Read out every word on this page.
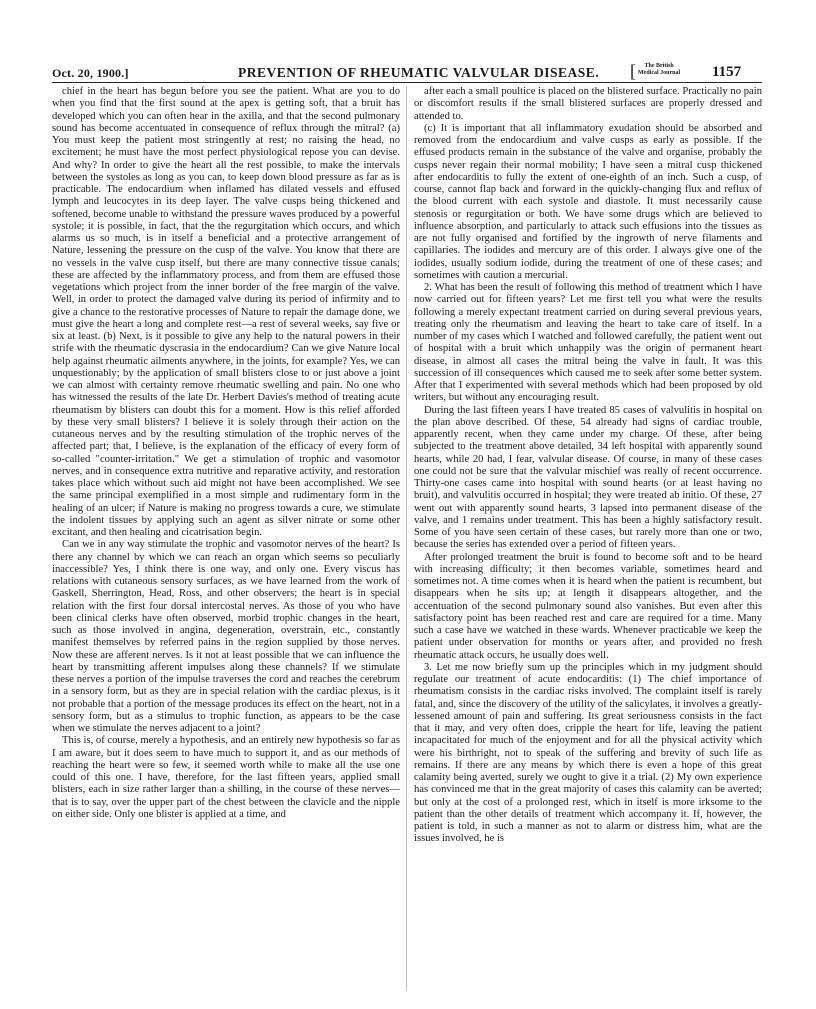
Oct. 20, 1900.]	PREVENTION OF RHEUMATIC VALVULAR DISEASE. [	The British
Medical Journal 1157

chief in the heart has begun before you see the patient. What are you to do when you find that the first sound at the apex is getting soft, that a bruit has developed which you can often hear in the axilla, and that the second pulmonary sound has become accentuated in consequence of reflux through the mitral? (a) You must keep the patient most stringently at rest; no raising the head, no excitement; he must have the most perfect physiological repose you can devise. And why? In order to give the heart all the rest possible, to make the intervals between the systoles as long as you can, to keep down blood pressure as far as is practicable. The endocardium when inflamed has dilated vessels and effused lymph and leucocytes in its deep layer. The valve cusps being thickened and softened, become unable to withstand the pressure waves produced by a powerful systole; it is possible, in fact, that the the regurgitation which occurs, and which alarms us so much, is in itself a beneficial and a protective arrangement of Nature, lessening the pressure on the cusp of the valve. You know that there are no vessels in the valve cusp itself, but there are many connective tissue canals; these are affected by the inflammatory process, and from them are effused those vegetations which project from the inner border of the free margin of the valve. Well, in order to protect the damaged valve during its period of infirmity and to give a chance to the restorative processes of Nature to repair the damage done, we must give the heart a long and complete rest—a rest of several weeks, say five or six at least. (b) Next, is it possible to give any help to the natural powers in their strife with the rheumatic dyscrasia in the endocardium? Can we give Nature local help against rheumatic ailments anywhere, in the joints, for example? Yes, we can unquestionably; by the application of small blisters close to or just above a joint we can almost with certainty remove rheumatic swelling and pain. No one who has witnessed the results of the late Dr. Herbert Davies's method of treating acute rheumatism by blisters can doubt this for a moment. How is this relief afforded by these very small blisters? I believe it is solely through their action on the cutaneous nerves and by the resulting stimulation of the trophic nerves of the affected part; that, I believe, is the explanation of the efficacy of every form of so-called "counter-irritation." We get a stimulation of trophic and vasomotor nerves, and in consequence extra nutritive and reparative activity, and restoration takes place which without such aid might not have been accomplished. We see the same principal exemplified in a most simple and rudimentary form in the healing of an ulcer; if Nature is making no progress towards a cure, we stimulate the indolent tissues by applying such an agent as silver nitrate or some other excitant, and then healing and cicatrisation begin.

Can we in any way stimulate the trophic and vasomotor nerves of the heart? Is there any channel by which we can reach an organ which seems so peculiarly inaccessible? Yes, I think there is one way, and only one. Every viscus has relations with cutaneous sensory surfaces, as we have learned from the work of Gaskell, Sherrington, Head, Ross, and other observers; the heart is in special relation with the first four dorsal intercostal nerves. As those of you who have been clinical clerks have often observed, morbid trophic changes in the heart, such as those involved in angina, degeneration, overstrain, etc., constantly manifest themselves by referred pains in the region supplied by those nerves. Now these are afferent nerves. Is it not at least possible that we can influence the heart by transmitting afferent impulses along these channels? If we stimulate these nerves a portion of the impulse traverses the cord and reaches the cerebrum in a sensory form, but as they are in special relation with the cardiac plexus, is it not probable that a portion of the message produces its effect on the heart, not in a sensory form, but as a stimulus to trophic function, as appears to be the case when we stimulate the nerves adjacent to a joint?

This is, of course, merely a hypothesis, and an entirely new hypothesis so far as I am aware, but it does seem to have much to support it, and as our methods of reaching the heart were so few, it seemed worth while to make all the use one could of this one. I have, therefore, for the last fifteen years, applied small blisters, each in size rather larger than a shilling, in the course of these nerves—that is to say, over the upper part of the chest between the clavicle and the nipple on either side. Only one blister is applied at a time, and

after each a small poultice is placed on the blistered surface. Practically no pain or discomfort results if the small blistered surfaces are properly dressed and attended to.

(c) It is important that all inflammatory exudation should be absorbed and removed from the endocardium and valve cusps as early as possible. If the effused products remain in the substance of the valve and organise, probably the cusps never regain their normal mobility; I have seen a mitral cusp thickened after endocarditis to fully the extent of one-eighth of an inch. Such a cusp, of course, cannot flap back and forward in the quickly-changing flux and reflux of the blood current with each systole and diastole. It must necessarily cause stenosis or regurgitation or both. We have some drugs which are believed to influence absorption, and particularly to attack such effusions into the tissues as are not fully organised and fortified by the ingrowth of nerve filaments and capillaries. The iodides and mercury are of this order. I always give one of the iodides, usually sodium iodide, during the treatment of one of these cases; and sometimes with caution a mercurial.

2. What has been the result of following this method of treatment which I have now carried out for fifteen years? Let me first tell you what were the results following a merely expectant treatment carried on during several previous years, treating only the rheumatism and leaving the heart to take care of itself. In a number of my cases which I watched and followed carefully, the patient went out of hospital with a bruit which unhappily was the origin of permanent heart disease, in almost all cases the mitral being the valve in fault. It was this succession of ill consequences which caused me to seek after some better system. After that I experimented with several methods which had been proposed by old writers, but without any encouraging result.

During the last fifteen years I have treated 85 cases of valvulitis in hospital on the plan above described. Of these, 54 already had signs of cardiac trouble, apparently recent, when they came under my charge. Of these, after being subjected to the treatment above detailed, 34 left hospital with apparently sound hearts, while 20 had, I fear, valvular disease. Of course, in many of these cases one could not be sure that the valvular mischief was really of recent occurrence. Thirty-one cases came into hospital with sound hearts (or at least having no bruit), and valvulitis occurred in hospital; they were treated ab initio. Of these, 27 went out with apparently sound hearts, 3 lapsed into permanent disease of the valve, and 1 remains under treatment. This has been a highly satisfactory result. Some of you have seen certain of these cases, but rarely more than one or two, because the series has extended over a period of fifteen years.

After prolonged treatment the bruit is found to become soft and to be heard with increasing difficulty; it then becomes variable, sometimes heard and sometimes not. A time comes when it is heard when the patient is recumbent, but disappears when he sits up; at length it disappears altogether, and the accentuation of the second pulmonary sound also vanishes. But even after this satisfactory point has been reached rest and care are required for a time. Many such a case have we watched in these wards. Whenever practicable we keep the patient under observation for months or years after, and provided no fresh rheumatic attack occurs, he usually does well.

3. Let me now briefly sum up the principles which in my judgment should regulate our treatment of acute endocarditis: (1) The chief importance of rheumatism consists in the cardiac risks involved. The complaint itself is rarely fatal, and, since the discovery of the utility of the salicylates, it involves a greatly-lessened amount of pain and suffering. Its great seriousness consists in the fact that it may, and very often does, cripple the heart for life, leaving the patient incapacitated for much of the enjoyment and for all the physical activity which were his birthright, not to speak of the suffering and brevity of such life as remains. If there are any means by which there is even a hope of this great calamity being averted, surely we ought to give it a trial. (2) My own experience has convinced me that in the great majority of cases this calamity can be averted; but only at the cost of a prolonged rest, which in itself is more irksome to the patient than the other details of treatment which accompany it. If, however, the patient is told, in such a manner as not to alarm or distress him, what are the issues involved, he is
